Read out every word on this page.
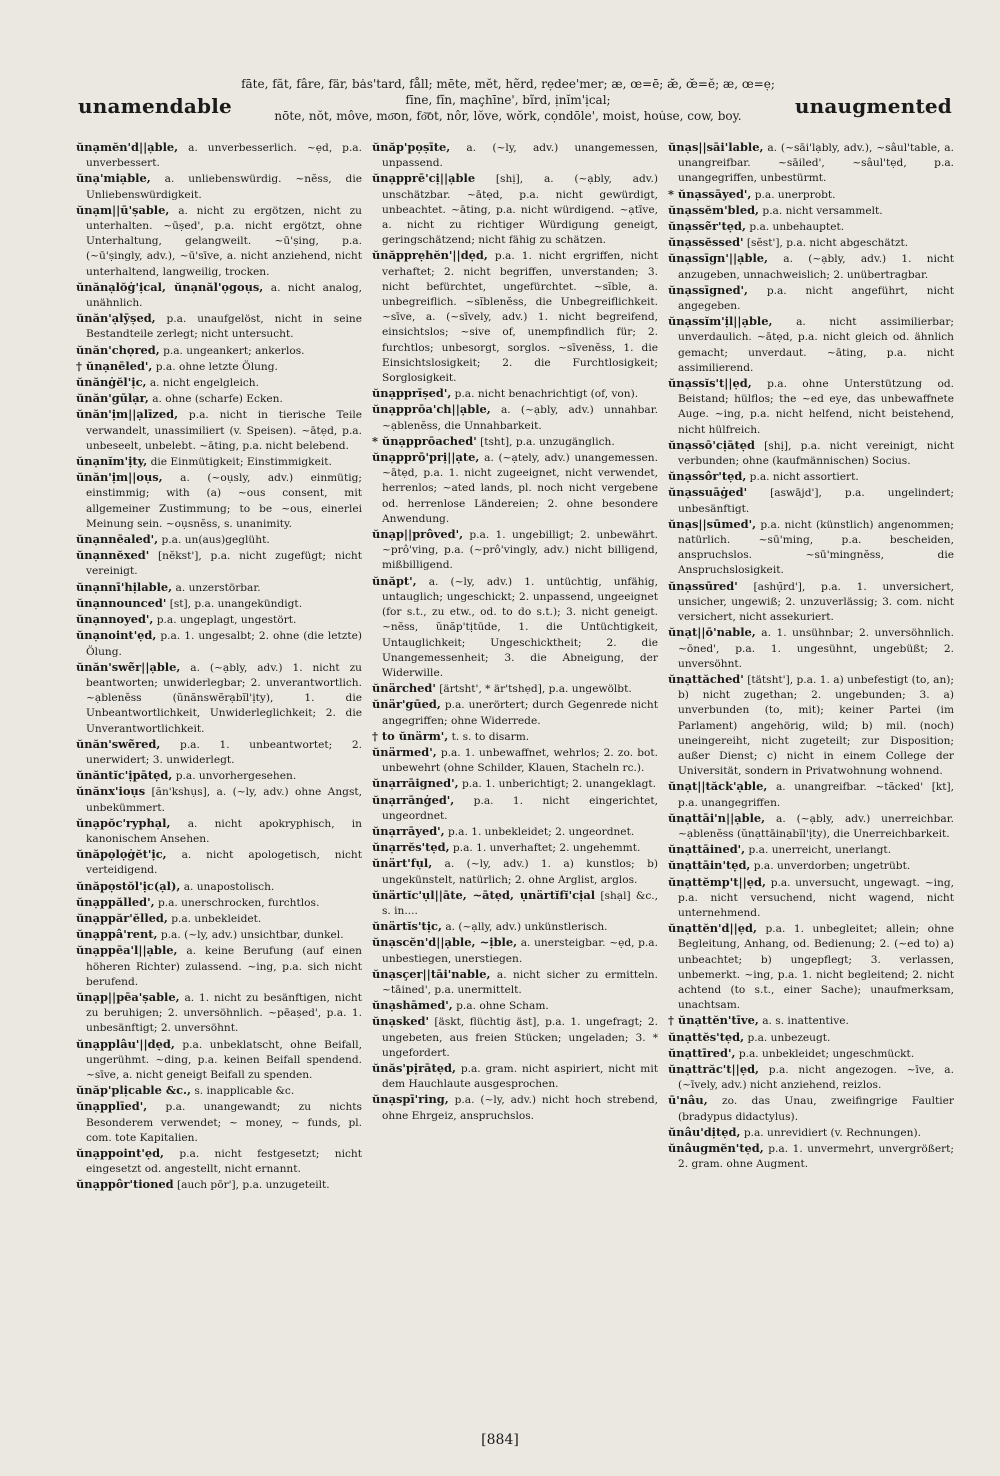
unamendable
fāte, făt, fâre, fär, bȧs'tard, fåll; mēte, mĕt, hẽrd, rẹdee'mer; æ, œ=ē; æ̆, œ̆=ĕ; æ, œ=ẹ;
fīne, fĭn, maçhīne', bĩrd, ịnĭm'ịcal;
nōte, nŏt, môve, mo͞on, fo͝ot, nôr, lŏve, wŏrk, cọndōle', moist, hou̇se, cow, boy.	unaugmented

ŭnạmĕn'd||ạble, a. unverbesserlich. ~ẹd, p.a. unverbessert.

ŭnạ'miạble, a. unliebenswürdig. ~nĕss, die Unliebenswürdigkeit.

ŭnạm||ū'ṣable, a. nicht zu ergötzen, nicht zu unterhalten. ~ūṣed', p.a. nicht ergötzt, ohne Unterhaltung, gelangweilt. ~ū'ṣing, p.a. (~ū'ṣingly, adv.), ~ū'sīve, a. nicht anziehend, nicht unterhaltend, langweilig, trocken.

ŭnănạlŏġ'ịcal, ŭnạnăl'ọgoụs, a. nicht analog, unähnlich.

ŭnăn'ạlȳṣed, p.a. unaufgelöst, nicht in seine Bestandteile zerlegt; nicht untersucht.

ŭnăn'chọred, p.a. ungeankert; ankerlos.

† ŭnạnēled', p.a. ohne letzte Ölung.

ŭnănġĕl'ịc, a. nicht engelgleich.

ŭnăn'gūlạr, a. ohne (scharfe) Ecken.

ŭnăn'ịm||ạlīzed, p.a. nicht in tierische Teile verwandelt, unassimiliert (v. Speisen). ~ātẹd, p.a. unbeseelt, unbelebt. ~āting, p.a. nicht belebend.

ŭnạnĭm'ịty, die Einmütigkeit; Einstimmigkeit.

ŭnăn'ịm||oụs, a. (~oụsly, adv.) einmütig; einstimmig; with (a) ~ous consent, mit allgemeiner Zustimmung; to be ~ous, einerlei Meinung sein. ~oụsnĕss, s. unanimity.

ŭnạnnēaled', p.a. un(aus)geglüht.

ŭnạnnĕxed' [nĕkst'], p.a. nicht zugefügt; nicht vereinigt.

ŭnạnnī'hịlable, a. unzerstörbar.

ŭnạnnounced' [st], p.a. unangekündigt.

ŭnạnnoyed', p.a. ungeplagt, ungestört.

ŭnạnoint'ẹd, p.a. 1. ungesalbt; 2. ohne (die letzte) Ölung.

ŭnăn'swẽr||ạble, a. (~ạbly, adv.) 1. nicht zu beantworten; unwiderlegbar; 2. unverantwortlich. ~ạblenĕss (ŭnănswẽrạbĭl'ịty), 1. die Unbeantwortlichkeit, Unwiderleglichkeit; 2. die Unverantwortlichkeit.

ŭnăn'swẽred, p.a. 1. unbeantwortet; 2. unerwidert; 3. unwiderlegt.

ŭnăntĭc'ịpātẹd, p.a. unvorhergesehen.

ŭnănx'ioụs [ăn'kshụs], a. (~ly, adv.) ohne Angst, unbekümmert.

ŭnạpŏc'ryphạl, a. nicht apokryphisch, in kanonischem Ansehen.

ŭnăpọlọġĕt'ịc, a. nicht apologetisch, nicht verteidigend.

ŭnăpọstŏl'ịc(ạl), a. unapostolisch.

ŭnạppălled', p.a. unerschrocken, furchtlos.

ŭnạppăr'ĕlled, p.a. unbekleidet.

ŭnạppâ'rent, p.a. (~ly, adv.) unsichtbar, dunkel.

ŭnạppēa'l||ạble, a. keine Berufung (auf einen höheren Richter) zulassend. ~ing, p.a. sich nicht berufend.

ŭnạp||pēa'ṣable, a. 1. nicht zu besänftigen, nicht zu beruhigen; 2. unversöhnlich. ~pēaṣed', p.a. 1. unbesänftigt; 2. unversöhnt.

ŭnạpplâu'||dẹd, p.a. unbeklatscht, ohne Beifall, ungerühmt. ~ding, p.a. keinen Beifall spendend. ~sīve, a. nicht geneigt Beifall zu spenden.

ŭnăp'plịcable &c., s. inapplicable &c.

ŭnạpplīed', p.a. unangewandt; zu nichts Besonderem verwendet; ~ money, ~ funds, pl. com. tote Kapitalien.

ŭnạppoint'ẹd, p.a. nicht festgesetzt; nicht eingesetzt od. angestellt, nicht ernannt.

ŭnạppôr'tioned [auch pōr'], p.a. unzugeteilt.

ŭnăp'pọṣīte, a. (~ly, adv.) unangemessen, unpassend.

ŭnạpprē'cị||ạble [shị], a. (~ạbly, adv.) unschätzbar. ~ātẹd, p.a. nicht gewürdigt, unbeachtet. ~āting, p.a. nicht würdigend. ~ạtīve, a. nicht zu richtiger Würdigung geneigt, geringschätzend; nicht fähig zu schätzen.

ŭnăpprẹhĕn'||dẹd, p.a. 1. nicht ergriffen, nicht verhaftet; 2. nicht begriffen, unverstanden; 3. nicht befürchtet, ungefürchtet. ~sĭble, a. unbegreiflich. ~sĭblenĕss, die Unbegreiflichkeit. ~sīve, a. (~sīvely, adv.) 1. nicht begreifend, einsichtslos; ~sive of, unempfindlich für; 2. furchtlos; unbesorgt, sorglos. ~sīvenĕss, 1. die Einsichtslosigkeit; 2. die Furchtlosigkeit; Sorglosigkeit.

ŭnạpprīṣed', p.a. nicht benachrichtigt (of, von).

ŭnạpprōa'ch||ạble, a. (~ạbly, adv.) unnahbar. ~ạblenĕss, die Unnahbarkeit.

* ŭnạpprōached' [tsht], p.a. unzugänglich.

ŭnạpprō'prị||ạte, a. (~ạtely, adv.) unangemessen. ~ātẹd, p.a. 1. nicht zugeeignet, nicht verwendet, herrenlos; ~ated lands, pl. noch nicht vergebene od. herrenlose Ländereien; 2. ohne besondere Anwendung.

ŭnạp||prôved', p.a. 1. ungebilligt; 2. unbewährt. ~prô'ving, p.a. (~prô'vingly, adv.) nicht billigend, mißbilligend.

ŭnăpt', a. (~ly, adv.) 1. untüchtig, unfähig, untauglich; ungeschickt; 2. unpassend, ungeeignet (for s.t., zu etw., od. to do s.t.); 3. nicht geneigt. ~nĕss, ŭnăp'tịtūde, 1. die Untüchtigkeit, Untauglichkeit; Ungeschicktheit; 2. die Unangemessenheit; 3. die Abneigung, der Widerwille.

ŭnärched' [ärtsht', * är'tshẹd], p.a. ungewölbt.

ŭnär'gūed, p.a. unerörtert; durch Gegenrede nicht angegriffen; ohne Widerrede.

† to ŭnärm', t. s. to disarm.

ŭnärmed', p.a. 1. unbewaffnet, wehrlos; 2. zo. bot. unbewehrt (ohne Schilder, Klauen, Stacheln rc.).

ŭnạrrāigned', p.a. 1. unberichtigt; 2. unangeklagt.

ŭnạrrānġed', p.a. 1. nicht eingerichtet, ungeordnet.

ŭnạrrāyed', p.a. 1. unbekleidet; 2. ungeordnet.

ŭnạrrĕs'tẹd, p.a. 1. unverhaftet; 2. ungehemmt.

ŭnärt'fụl, a. (~ly, adv.) 1. a) kunstlos; b) ungekünstelt, natürlich; 2. ohne Arglist, arglos.

ŭnärtĭc'ụl||āte, ~ātẹd, ụnärtĭfĭ'cịal [shạl] &c., s. in....

ŭnärtĭs'tịc, a. (~ạlly, adv.) unkünstlerisch.

ŭnạscĕn'd||ạble, ~ịble, a. unersteigbar. ~ẹd, p.a. unbestiegen, unerstiegen.

ŭnạsçer||tāi'nable, a. nicht sicher zu ermitteln. ~tāined', p.a. unermittelt.

ŭnạshāmed', p.a. ohne Scham.

ŭnạsked' [äskt, flüchtig äst], p.a. 1. ungefragt; 2. ungebeten, aus freien Stücken; ungeladen; 3. * ungefordert.

ŭnăs'pịrātẹd, p.a. gram. nicht aspiriert, nicht mit dem Hauchlaute ausgesprochen.

ŭnạspī'ring, p.a. (~ly, adv.) nicht hoch strebend, ohne Ehrgeiz, anspruchslos.

ŭnạs||sāi'lable, a. (~sāi'lạbly, adv.), ~sâul'table, a. unangreifbar. ~sāiled', ~sâul'tẹd, p.a. unangegriffen, unbestürmt.

* ŭnạssāyed', p.a. unerprobt.

ŭnạssĕm'bled, p.a. nicht versammelt.

ŭnạssẽr'tẹd, p.a. unbehauptet.

ŭnạssĕssed' [sĕst'], p.a. nicht abgeschätzt.

ŭnạssīgn'||ạble, a. (~ạbly, adv.) 1. nicht anzugeben, unnachweislich; 2. unübertragbar.

ŭnạssīgned', p.a. nicht angeführt, nicht angegeben.

ŭnạssĭm'ịl||ạble, a. nicht assimilierbar; unverdaulich. ~ātẹd, p.a. nicht gleich od. ähnlich gemacht; unverdaut. ~āting, p.a. nicht assimilierend.

ŭnạssĭs't||ẹd, p.a. ohne Unterstützung od. Beistand; hülflos; the ~ed eye, das unbewaffnete Auge. ~ing, p.a. nicht helfend, nicht beistehend, nicht hülfreich.

ŭnạssō'cịātẹd [shị], p.a. nicht vereinigt, nicht verbunden; ohne (kaufmännischen) Socius.

ŭnạssôr'tẹd, p.a. nicht assortiert.

ŭnạssuāġed' [aswājd'], p.a. ungelindert; unbesänftigt.

ŭnạs||sūmed', p.a. nicht (künstlich) angenommen; natürlich. ~sū'ming, p.a. bescheiden, anspruchslos. ~sū'mingnĕss, die Anspruchslosigkeit.

ŭnạssūred' [ashụ̄rd'], p.a. 1. unversichert, unsicher, ungewiß; 2. unzuverlässig; 3. com. nicht versichert, nicht assekuriert.

ŭnạt||ō'nable, a. 1. unsühnbar; 2. unversöhnlich. ~ōned', p.a. 1. ungesühnt, ungebüßt; 2. unversöhnt.

ŭnạttăched' [tätsht'], p.a. 1. a) unbefestigt (to, an); b) nicht zugethan; 2. ungebunden; 3. a) unverbunden (to, mit); keiner Partei (im Parlament) angehörig, wild; b) mil. (noch) uneingereiht, nicht zugeteilt; zur Disposition; außer Dienst; c) nicht in einem College der Universität, sondern in Privatwohnung wohnend.

ŭnạt||tăck'ạble, a. unangreifbar. ~tăcked' [kt], p.a. unangegriffen.

ŭnạttāi'n||ạble, a. (~ạbly, adv.) unerreichbar. ~ạblenĕss (ŭnạttāinạbĭl'ịty), die Unerreichbarkeit.

ŭnạttāined', p.a. unerreicht, unerlangt.

ŭnạttāin'tẹd, p.a. unverdorben; ungetrübt.

ŭnạttĕmp't||ẹd, p.a. unversucht, ungewagt. ~ing, p.a. nicht versuchend, nicht wagend, nicht unternehmend.

ŭnạttĕn'd||ẹd, p.a. 1. unbegleitet; allein; ohne Begleitung, Anhang, od. Bedienung; 2. (~ed to) a) unbeachtet; b) ungepflegt; 3. verlassen, unbemerkt. ~ing, p.a. 1. nicht begleitend; 2. nicht achtend (to s.t., einer Sache); unaufmerksam, unachtsam.

† ŭnạttĕn'tīve, a. s. inattentive.

ŭnạttĕs'tẹd, p.a. unbezeugt.

ŭnạttīred', p.a. unbekleidet; ungeschmückt.

ŭnạttrăc't||ẹd, p.a. nicht angezogen. ~īve, a. (~īvely, adv.) nicht anziehend, reizlos.

ū'nâu, zo. das Unau, zweifingrige Faultier (bradypus didactylus).

ŭnâu'dịtẹd, p.a. unrevidiert (v. Rechnungen).

ŭnâugmĕn'tẹd, p.a. 1. unvermehrt, unvergrößert; 2. gram. ohne Augment.

[884]
